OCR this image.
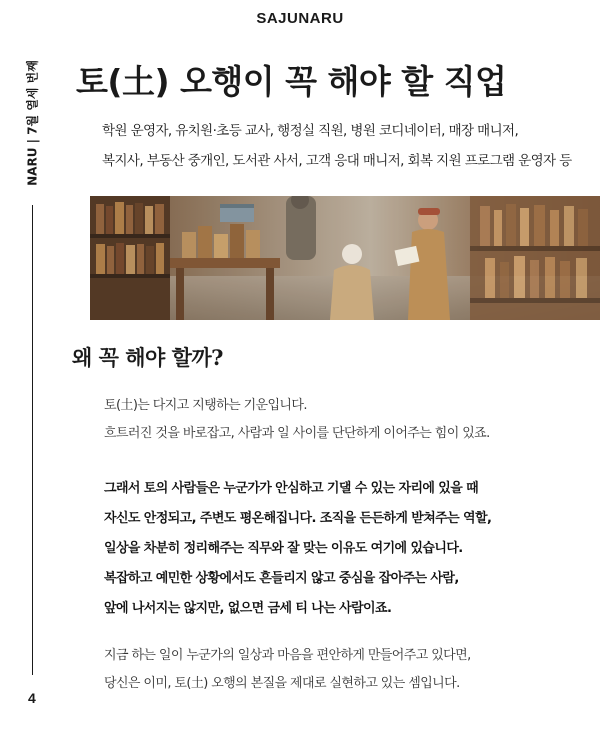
SAJUNARU
NARU | 7월 열세 번째
4
토(土) 오행이 꼭 해야 할 직업
학원 운영자, 유치원·초등 교사, 행정실 직원, 병원 코디네이터, 매장 매니저,
복지사, 부동산 중개인, 도서관 사서, 고객 응대 매니저, 회복 지원 프로그램 운영자 등
왜 꼭 해야 할까?
토(土)는 다지고 지탱하는 기운입니다.
흐트러진 것을 바로잡고, 사람과 일 사이를 단단하게 이어주는 힘이 있죠.
그래서 토의 사람들은 누군가가 안심하고 기댈 수 있는 자리에 있을 때
자신도 안정되고, 주변도 평온해집니다. 조직을 든든하게 받쳐주는 역할,
일상을 차분히 정리해주는 직무와 잘 맞는 이유도 여기에 있습니다.
복잡하고 예민한 상황에서도 흔들리지 않고 중심을 잡아주는 사람,
앞에 나서지는 않지만, 없으면 금세 티 나는 사람이죠.
지금 하는 일이 누군가의 일상과 마음을 편안하게 만들어주고 있다면,
당신은 이미, 토(土) 오행의 본질을 제대로 실현하고 있는 셈입니다.
